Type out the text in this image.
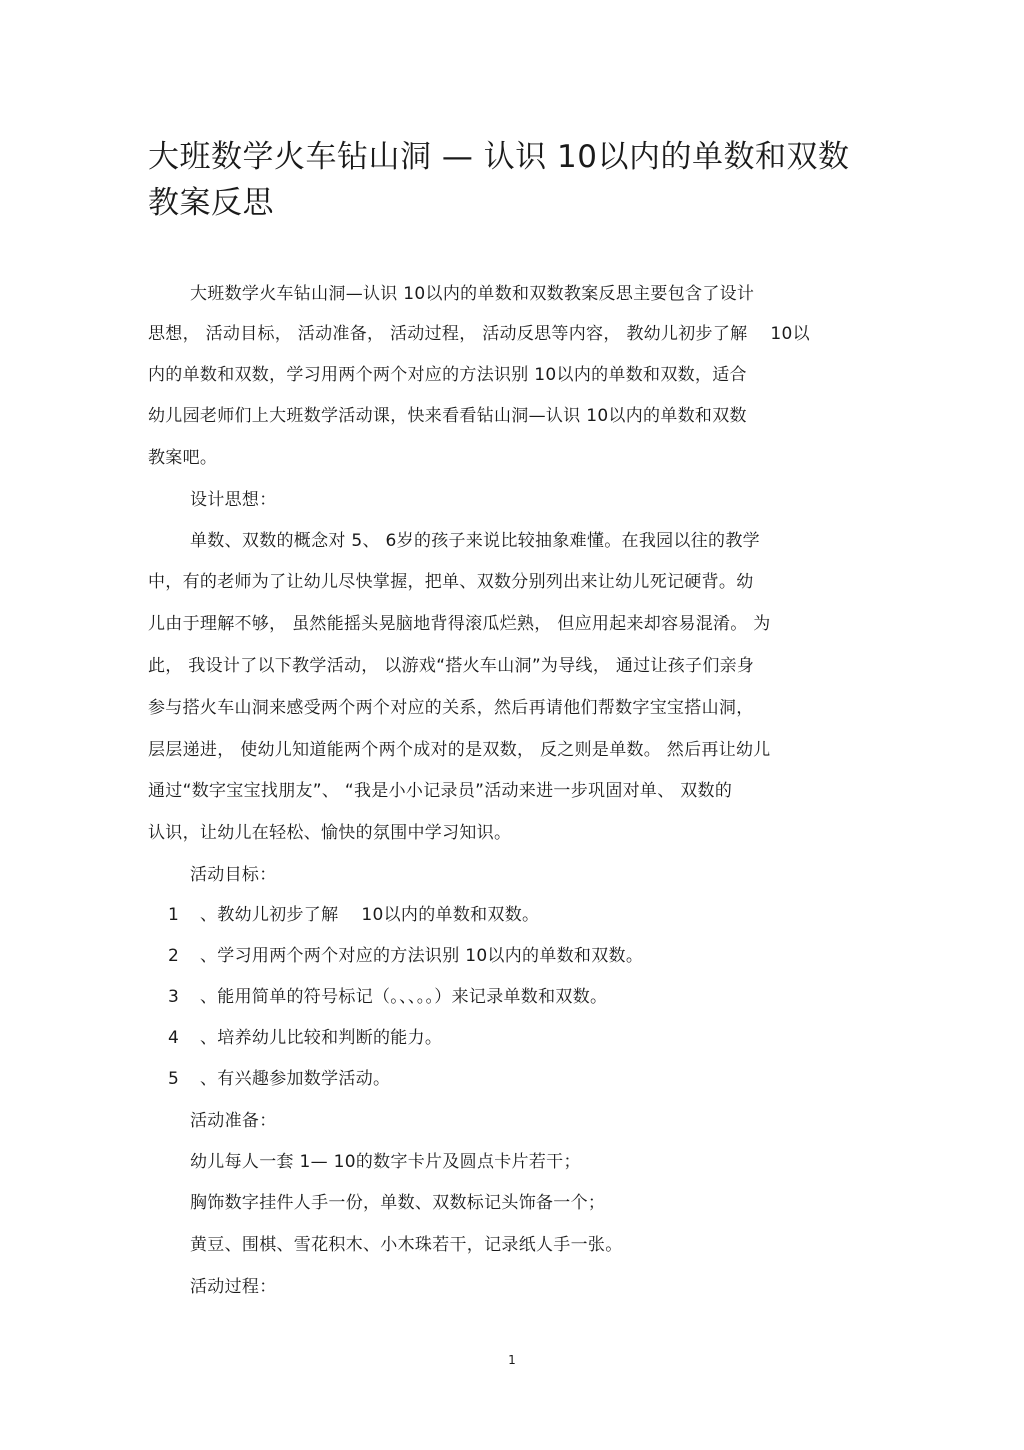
大班数学火车钻山洞 — 认识 10以内的单数和双数教案反思
大班数学火车钻山洞—认识 10以内的单数和双数教案反思主要包含了设计
思想， 活动目标， 活动准备， 活动过程， 活动反思等内容， 教幼儿初步了解　 10以
内的单数和双数，学习用两个两个对应的方法识别 10以内的单数和双数，适合
幼儿园老师们上大班数学活动课，快来看看钻山洞—认识 10以内的单数和双数
教案吧。
设计思想：
单数、双数的概念对 5、 6岁的孩子来说比较抽象难懂。在我园以往的教学
中，有的老师为了让幼儿尽快掌握，把单、双数分别列出来让幼儿死记硬背。幼
儿由于理解不够， 虽然能摇头晃脑地背得滚瓜烂熟， 但应用起来却容易混淆。 为
此， 我设计了以下教学活动， 以游戏“搭火车山洞”为导线， 通过让孩子们亲身
参与搭火车山洞来感受两个两个对应的关系，然后再请他们帮数字宝宝搭山洞，
层层递进， 使幼儿知道能两个两个成对的是双数， 反之则是单数。 然后再让幼儿
通过“数字宝宝找朋友”、 “我是小小记录员”活动来进一步巩固对单、 双数的
认识，让幼儿在轻松、愉快的氛围中学习知识。
活动目标：
1 、教幼儿初步了解　 10以内的单数和双数。
2 、学习用两个两个对应的方法识别 10以内的单数和双数。
3 、能用简单的符号标记（。、、。。）来记录单数和双数。
4 、培养幼儿比较和判断的能力。
5 、有兴趣参加数学活动。
活动准备：
幼儿每人一套 1— 10的数字卡片及圆点卡片若干；
胸饰数字挂件人手一份，单数、双数标记头饰备一个；
黄豆、围棋、雪花积木、小木珠若干，记录纸人手一张。
活动过程：
1
